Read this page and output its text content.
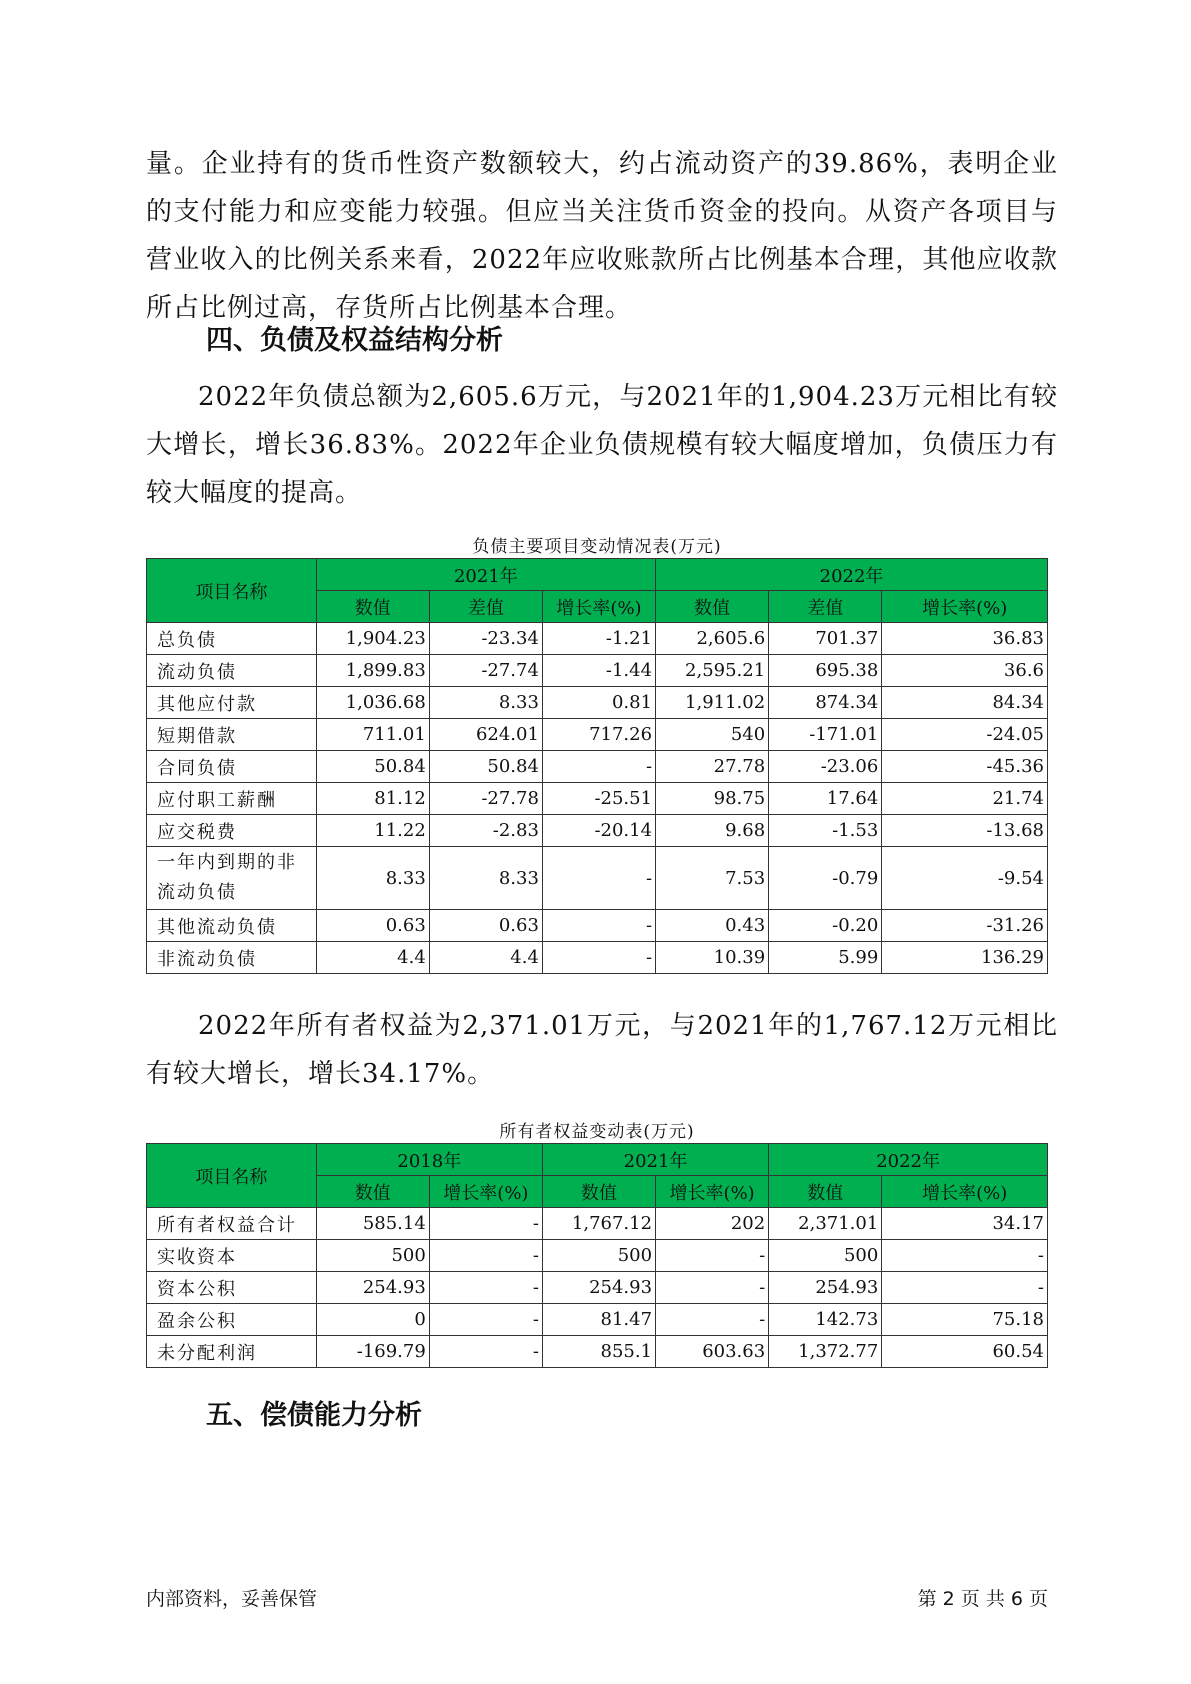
量。企业持有的货币性资产数额较大，约占流动资产的39.86%，表明企业的支付能力和应变能力较强。但应当关注货币资金的投向。从资产各项目与营业收入的比例关系来看，2022年应收账款所占比例基本合理，其他应收款所占比例过高，存货所占比例基本合理。

四、负债及权益结构分析

2022年负债总额为2,605.6万元，与2021年的1,904.23万元相比有较大增长，增长36.83%。2022年企业负债规模有较大幅度增加，负债压力有较大幅度的提高。

负债主要项目变动情况表(万元)

项目名称	2021年			2022年		
	数值	差值	增长率(%)	数值	差值	增长率(%)
总负债	1,904.23	-23.34	-1.21	2,605.6	701.37	36.83
流动负债	1,899.83	-27.74	-1.44	2,595.21	695.38	36.6
其他应付款	1,036.68	8.33	0.81	1,911.02	874.34	84.34
短期借款	711.01	624.01	717.26	540	-171.01	-24.05
合同负债	50.84	50.84	-	27.78	-23.06	-45.36
应付职工薪酬	81.12	-27.78	-25.51	98.75	17.64	21.74
应交税费	11.22	-2.83	-20.14	9.68	-1.53	-13.68
一年内到期的非流动负债	8.33	8.33	-	7.53	-0.79	-9.54
其他流动负债	0.63	0.63	-	0.43	-0.20	-31.26
非流动负债	4.4	4.4	-	10.39	5.99	136.29

2022年所有者权益为2,371.01万元，与2021年的1,767.12万元相比有较大增长，增长34.17%。

所有者权益变动表(万元)

项目名称	2018年		2021年		2022年	
	数值	增长率(%)	数值	增长率(%)	数值	增长率(%)
所有者权益合计	585.14	-	1,767.12	202	2,371.01	34.17
实收资本	500	-	500	-	500	-
资本公积	254.93	-	254.93	-	254.93	-
盈余公积	0	-	81.47	-	142.73	75.18
未分配利润	-169.79	-	855.1	603.63	1,372.77	60.54
五、偿债能力分析
内部资料，妥善保管	第 2 页 共 6 页
